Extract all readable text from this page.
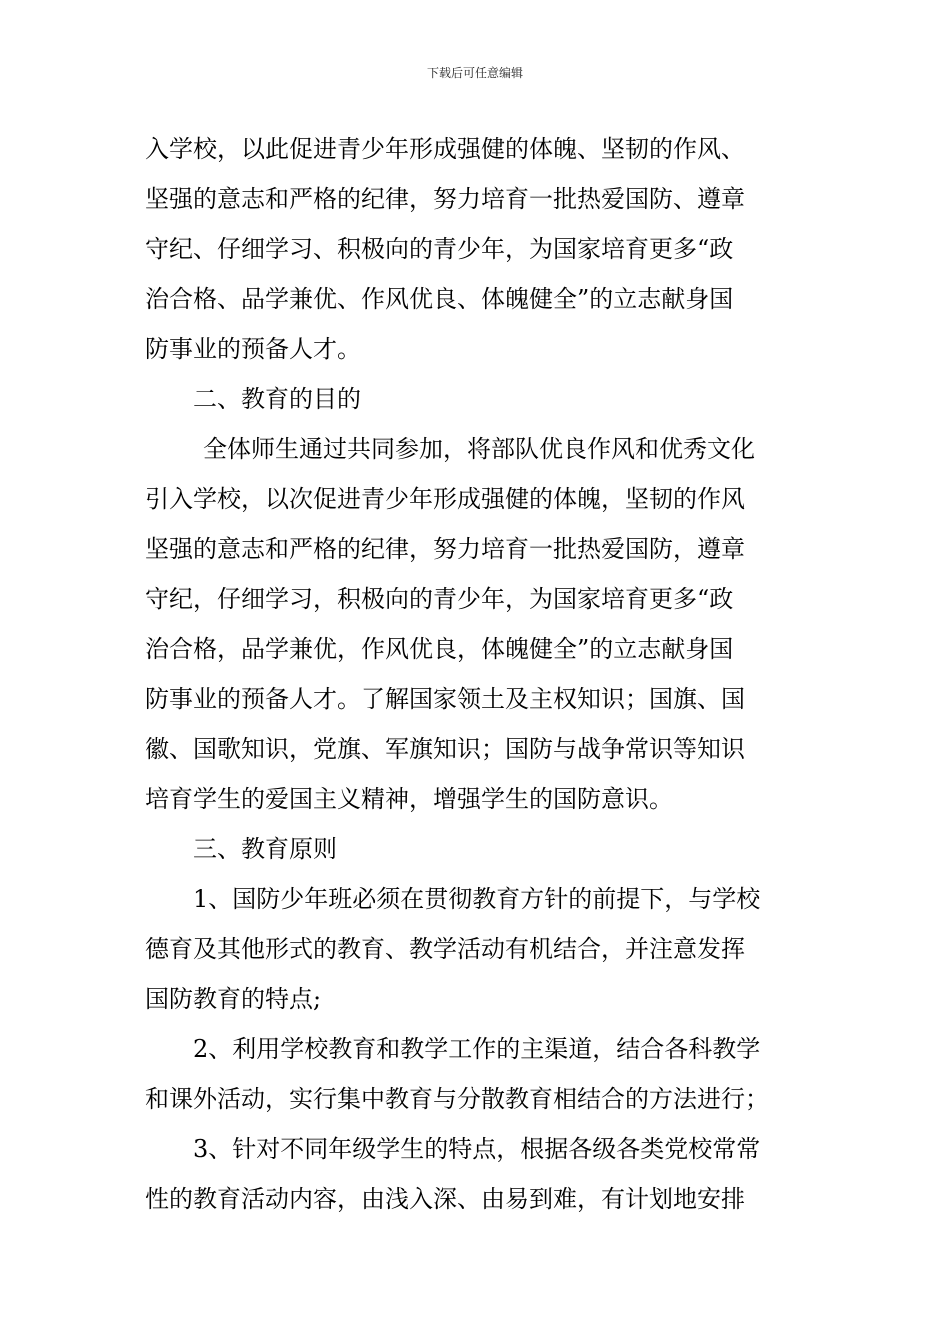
下载后可任意编辑
入学校，以此促进青少年形成强健的体魄、坚韧的作风、
坚强的意志和严格的纪律，努力培育一批热爱国防、遵章
守纪、仔细学习、积极向的青少年，为国家培育更多“政
治合格、品学兼优、作风优良、体魄健全”的立志献身国
防事业的预备人才。
二、教育的目的
全体师生通过共同参加，将部队优良作风和优秀文化
引入学校，以次促进青少年形成强健的体魄，坚韧的作风
坚强的意志和严格的纪律，努力培育一批热爱国防，遵章
守纪，仔细学习，积极向的青少年，为国家培育更多“政
治合格，品学兼优，作风优良，体魄健全”的立志献身国
防事业的预备人才。了解国家领土及主权知识；国旗、国
徽、国歌知识，党旗、军旗知识；国防与战争常识等知识
培育学生的爱国主义精神，增强学生的国防意识。
三、教育原则
1、国防少年班必须在贯彻教育方针的前提下，与学校
德育及其他形式的教育、教学活动有机结合，并注意发挥
国防教育的特点;
2、利用学校教育和教学工作的主渠道，结合各科教学
和课外活动，实行集中教育与分散教育相结合的方法进行；
3、针对不同年级学生的特点，根据各级各类党校常常
性的教育活动内容，由浅入深、由易到难，有计划地安排
